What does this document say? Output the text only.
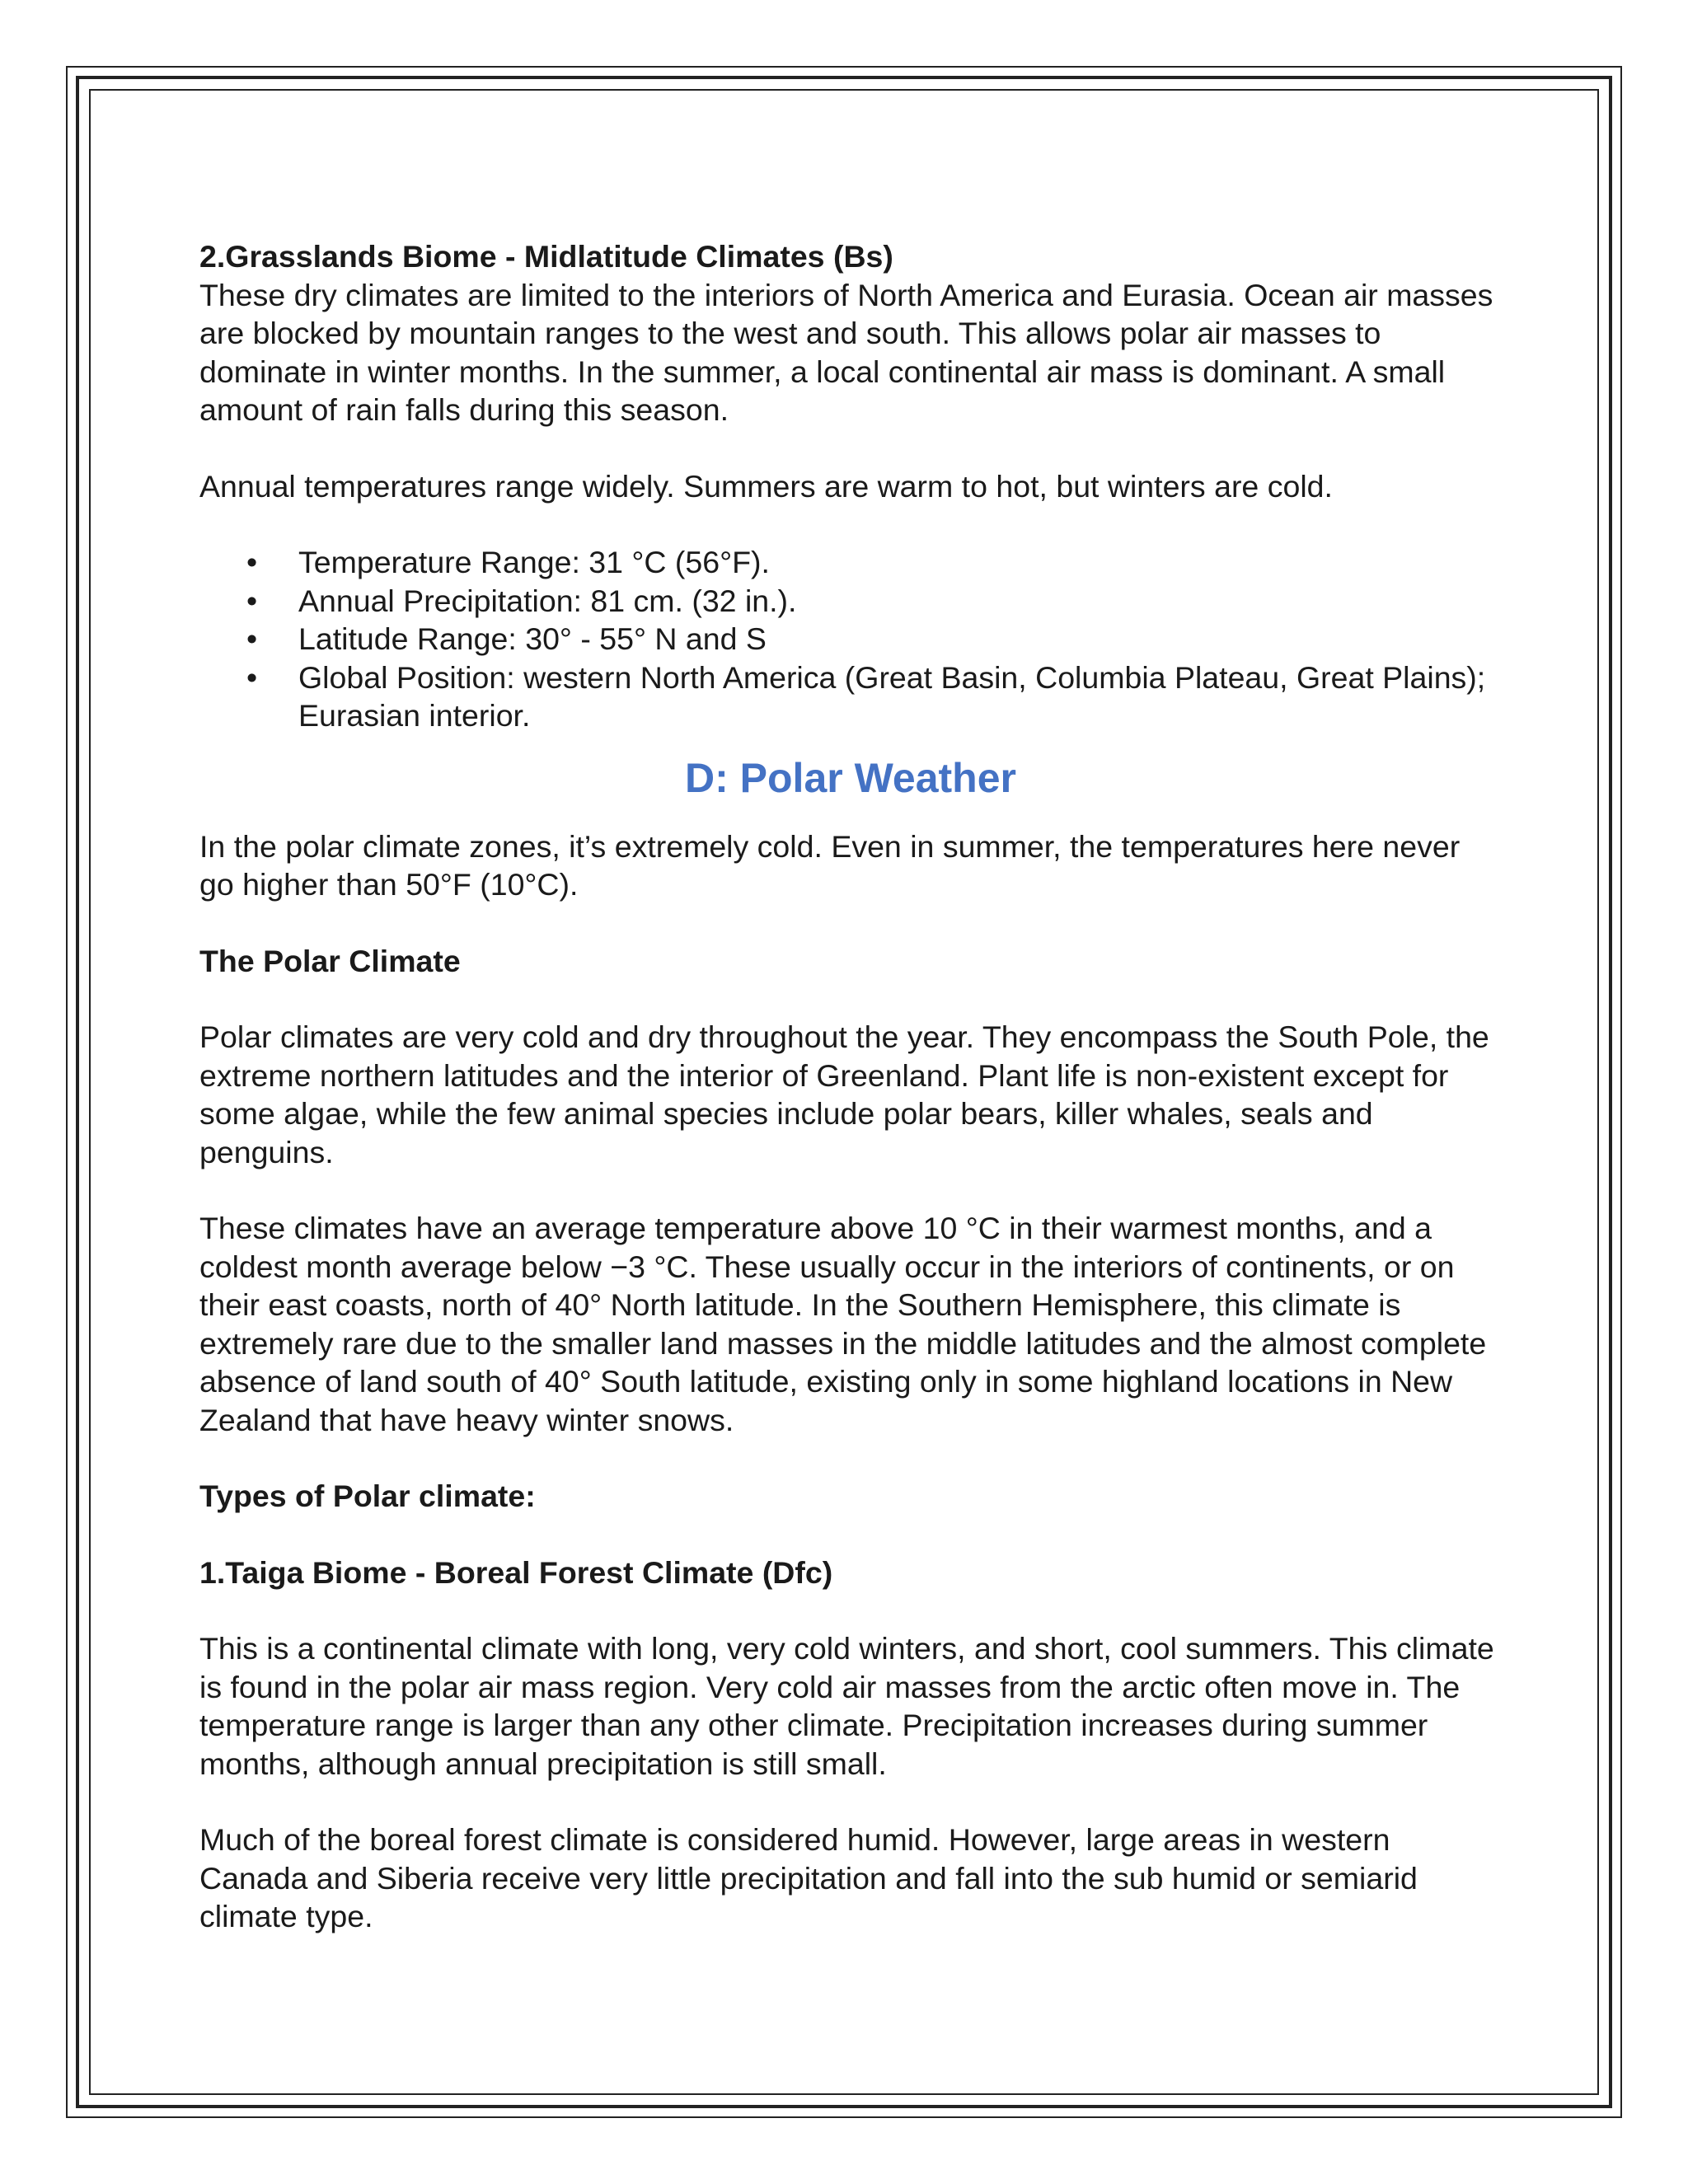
2.Grasslands Biome - Midlatitude Climates (Bs)

These dry climates are limited to the interiors of North America and Eurasia. Ocean air masses are blocked by mountain ranges to the west and south. This allows polar air masses to dominate in winter months. In the summer, a local continental air mass is dominant. A small amount of rain falls during this season.

Annual temperatures range widely. Summers are warm to hot, but winters are cold.

• Temperature Range: 31 °C (56°F).
• Annual Precipitation: 81 cm. (32 in.).
• Latitude Range: 30° - 55° N and S
• Global Position: western North America (Great Basin, Columbia Plateau, Great Plains); Eurasian interior.
D: Polar Weather

In the polar climate zones, it’s extremely cold. Even in summer, the temperatures here never go higher than 50°F (10°C).

The Polar Climate

Polar climates are very cold and dry throughout the year. They encompass the South Pole, the extreme northern latitudes and the interior of Greenland. Plant life is non-existent except for some algae, while the few animal species include polar bears, killer whales, seals and penguins.

These climates have an average temperature above 10 °C in their warmest months, and a coldest month average below −3 °C. These usually occur in the interiors of continents, or on their east coasts, north of 40° North latitude. In the Southern Hemisphere, this climate is extremely rare due to the smaller land masses in the middle latitudes and the almost complete absence of land south of 40° South latitude, existing only in some highland locations in New Zealand that have heavy winter snows.

Types of Polar climate:

1.Taiga Biome - Boreal Forest Climate (Dfc)

This is a continental climate with long, very cold winters, and short, cool summers. This climate is found in the polar air mass region. Very cold air masses from the arctic often move in. The temperature range is larger than any other climate. Precipitation increases during summer months, although annual precipitation is still small.

Much of the boreal forest climate is considered humid. However, large areas in western Canada and Siberia receive very little precipitation and fall into the sub humid or semiarid climate type.
